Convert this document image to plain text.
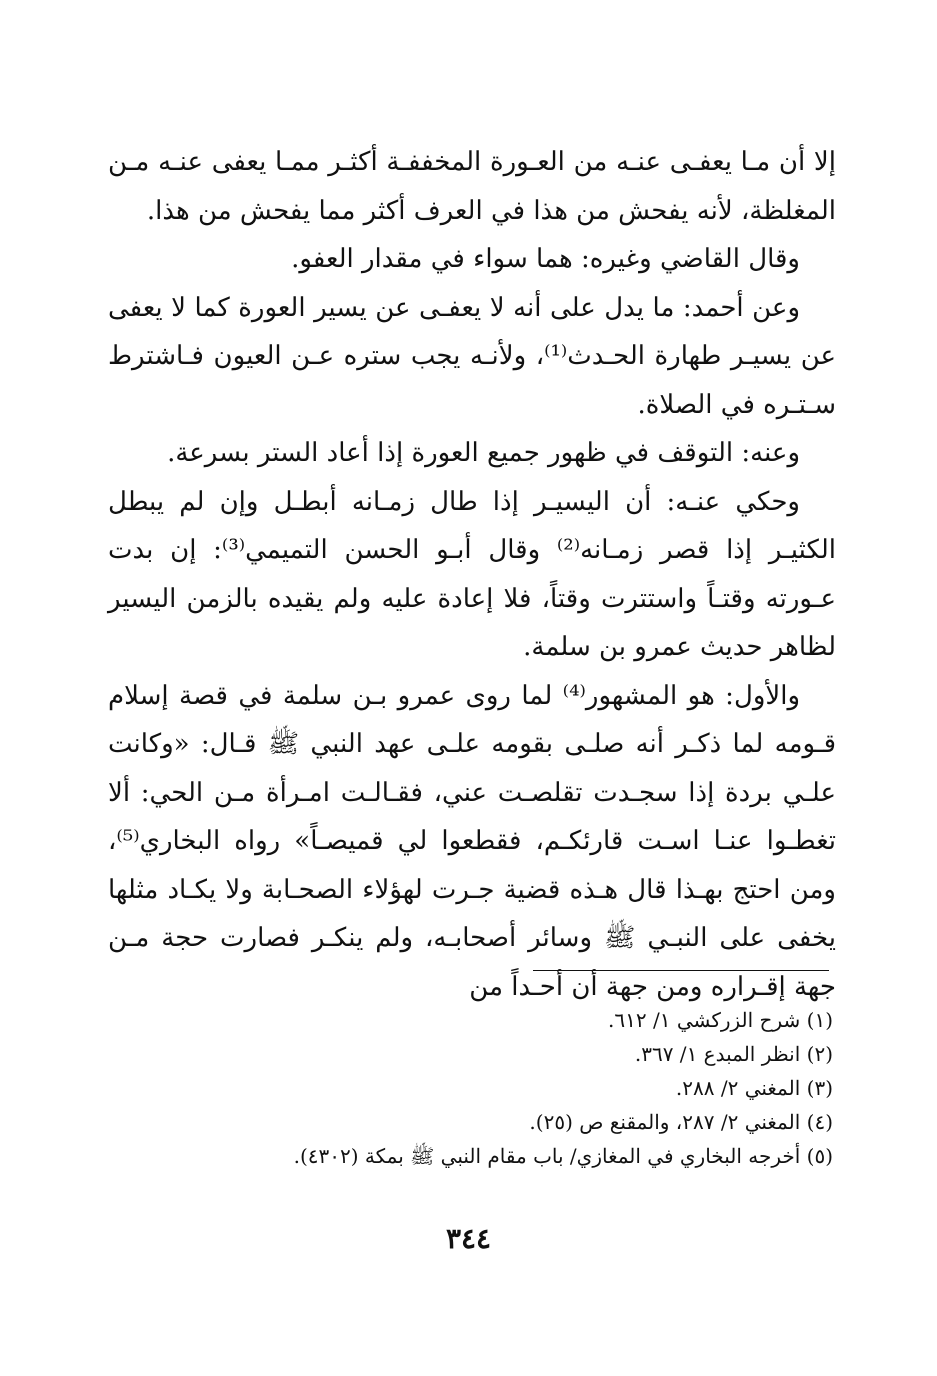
إلا أن مـا يعفـى عنـه من العـورة المخففـة أكثـر ممـا يعفى عنـه مـن المغلظة، لأنه يفحش من هذا في العرف أكثر مما يفحش من هذا.

وقال القاضي وغيره: هما سواء في مقدار العفو.

وعن أحمد: ما يدل على أنه لا يعفـى عن يسير العورة كما لا يعفى عن يسيـر طهارة الحـدث⁽¹⁾، ولأنـه يجب ستره عـن العيون فـاشترط سـتـره في الصلاة.

وعنه: التوقف في ظهور جميع العورة إذا أعاد الستر بسرعة.

وحكي عنـه: أن اليسيـر إذا طال زمـانه أبطـل وإن لم يبطل الكثيـر إذا قصر زمـانه⁽²⁾ وقال أبـو الحسن التميمي⁽³⁾: إن بدت عـورته وقتـاً واستترت وقتاً، فلا إعادة عليه ولم يقيده بالزمن اليسير لظاهر حديث عمرو بن سلمة.

والأول: هو المشهور⁽⁴⁾ لما روى عمرو بـن سلمة في قصة إسلام قـومه لما ذكـر أنه صلـى بقومه علـى عهد النبي ﷺ قـال: «وكانت علـي بردة إذا سجـدت تقلصـت عني، فقـالـت امـرأة مـن الحي: ألا تغطـوا عنـا اسـت قارئكـم، فقطعوا لي قميصـاً» رواه البخاري⁽⁵⁾، ومن احتج بهـذا قال هـذه قضية جـرت لهؤلاء الصحـابة ولا يكـاد مثلها يخفى على النبـي ﷺ وسائر أصحابـه، ولم ينكـر فصارت حجة مـن جهة إقـراره ومن جهة أن أحـداً من

(١) شرح الزركشي ١/ ٦١٢.

(٢) انظر المبدع ١/ ٣٦٧.

(٣) المغني ٢/ ٢٨٨.

(٤) المغني ٢/ ٢٨٧، والمقنع ص (٢٥).

(٥) أخرجه البخاري في المغازي/ باب مقام النبي ﷺ بمكة (٤٣٠٢).

٣٤٤
